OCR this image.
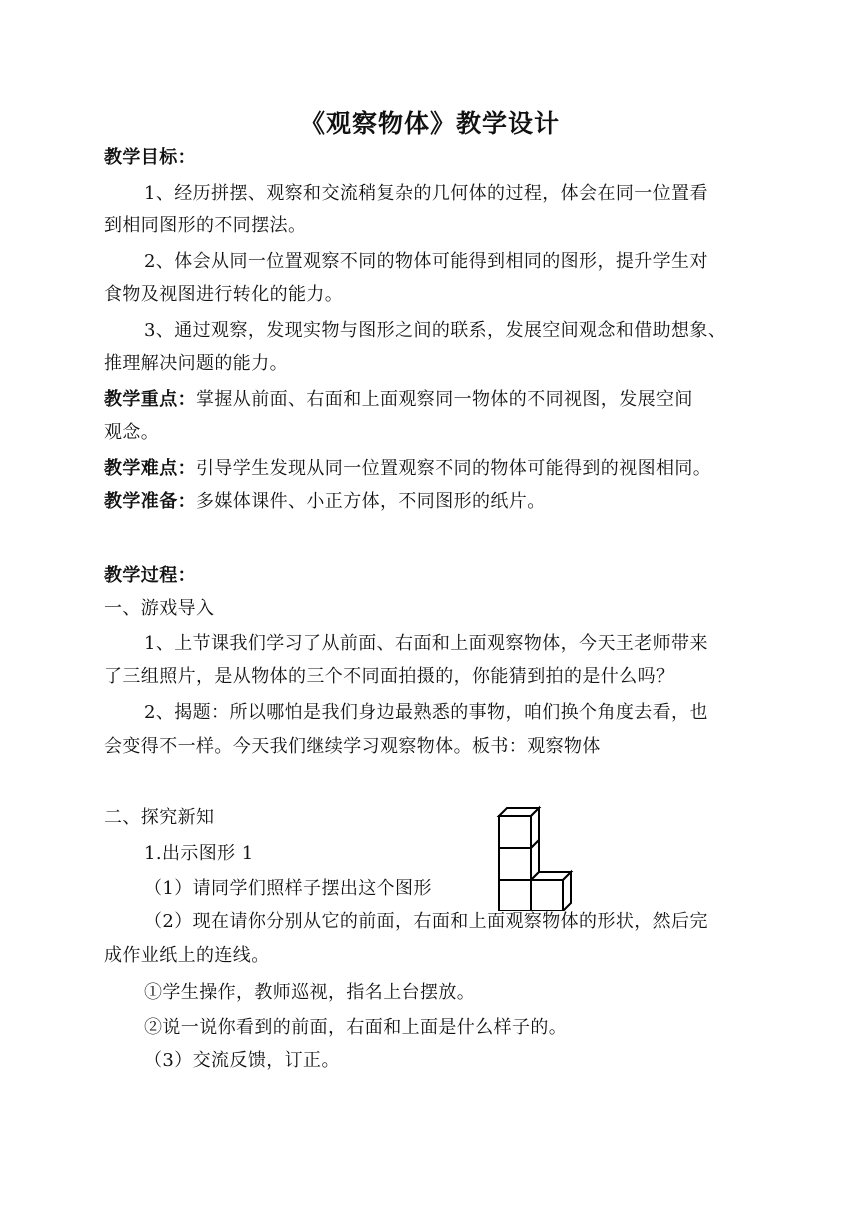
《观察物体》教学设计
教学目标：
1、经历拼摆、观察和交流稍复杂的几何体的过程，体会在同一位置看
到相同图形的不同摆法。
2、体会从同一位置观察不同的物体可能得到相同的图形，提升学生对
食物及视图进行转化的能力。
3、通过观察，发现实物与图形之间的联系，发展空间观念和借助想象、
推理解决问题的能力。
教学重点：掌握从前面、右面和上面观察同一物体的不同视图，发展空间
观念。
教学难点：引导学生发现从同一位置观察不同的物体可能得到的视图相同。
教学准备：多媒体课件、小正方体，不同图形的纸片。
教学过程：
一、游戏导入
1、上节课我们学习了从前面、右面和上面观察物体，今天王老师带来
了三组照片，是从物体的三个不同面拍摄的，你能猜到拍的是什么吗？
2、揭题：所以哪怕是我们身边最熟悉的事物，咱们换个角度去看，也
会变得不一样。今天我们继续学习观察物体。板书：观察物体
二、探究新知
1.出示图形 1
（1）请同学们照样子摆出这个图形
（2）现在请你分别从它的前面，右面和上面观察物体的形状，然后完
成作业纸上的连线。
①学生操作，教师巡视，指名上台摆放。
②说一说你看到的前面，右面和上面是什么样子的。
（3）交流反馈，订正。
